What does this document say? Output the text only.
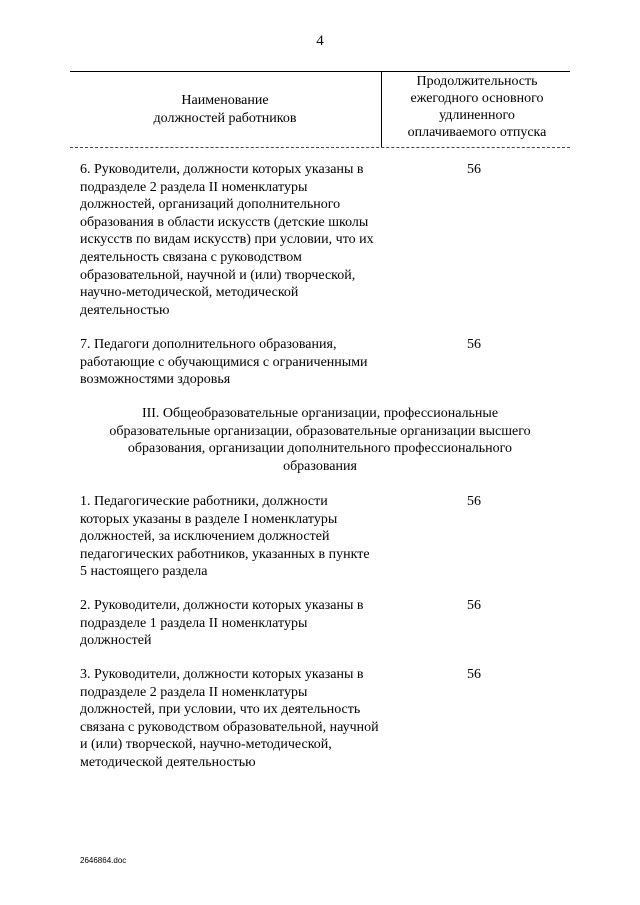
4
Наименование
должностей работников
Продолжительность
ежегодного основного
удлиненного
оплачиваемого отпуска
6. Руководители, должности которых указаны в подразделе 2 раздела II номенклатуры должностей, организаций дополнительного образования в области искусств (детские школы искусств по видам искусств) при условии, что их деятельность связана с руководством образовательной, научной и (или) творческой, научно-методической, методической деятельностью
56
7. Педагоги дополнительного образования, работающие с обучающимися с ограниченными возможностями здоровья
56
III. Общеобразовательные организации, профессиональные образовательные организации, образовательные организации высшего образования, организации дополнительного профессионального образования
1. Педагогические работники, должности которых указаны в разделе I номенклатуры должностей, за исключением должностей педагогических работников, указанных в пункте 5 настоящего раздела
56
2. Руководители, должности которых указаны в подразделе 1 раздела II номенклатуры должностей
56
3. Руководители, должности которых указаны в подразделе 2 раздела II номенклатуры должностей, при условии, что их деятельность связана с руководством образовательной, научной и (или) творческой, научно-методической, методической деятельностью
56
2646864.doc
